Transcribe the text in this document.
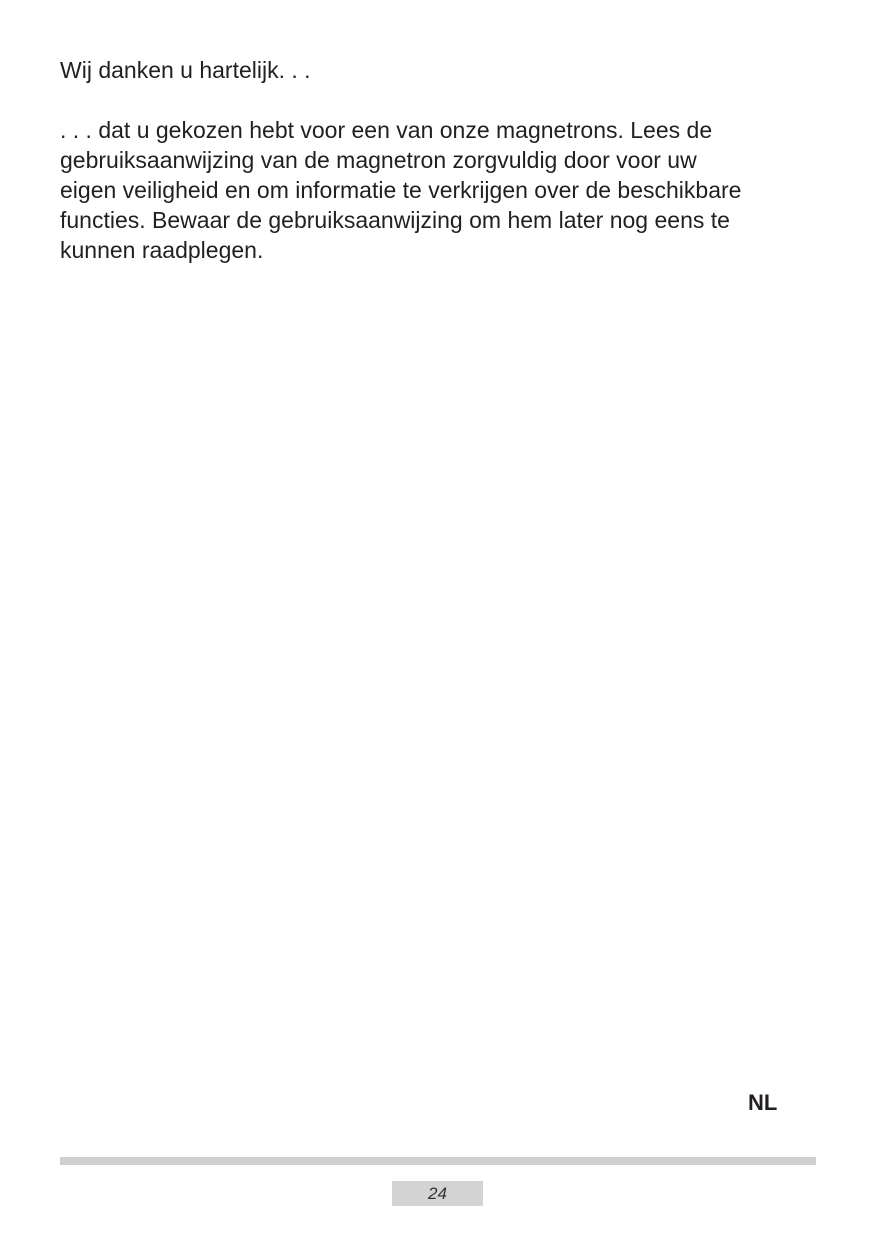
Wij danken u hartelijk. . .

. . . dat u gekozen hebt voor een van onze magnetrons. Lees de
gebruiksaanwijzing van de magnetron zorgvuldig door voor uw
eigen veiligheid en om informatie te verkrijgen over de beschikbare
functies. Bewaar de gebruiksaanwijzing om hem later nog eens te
kunnen raadplegen.

NL
24
